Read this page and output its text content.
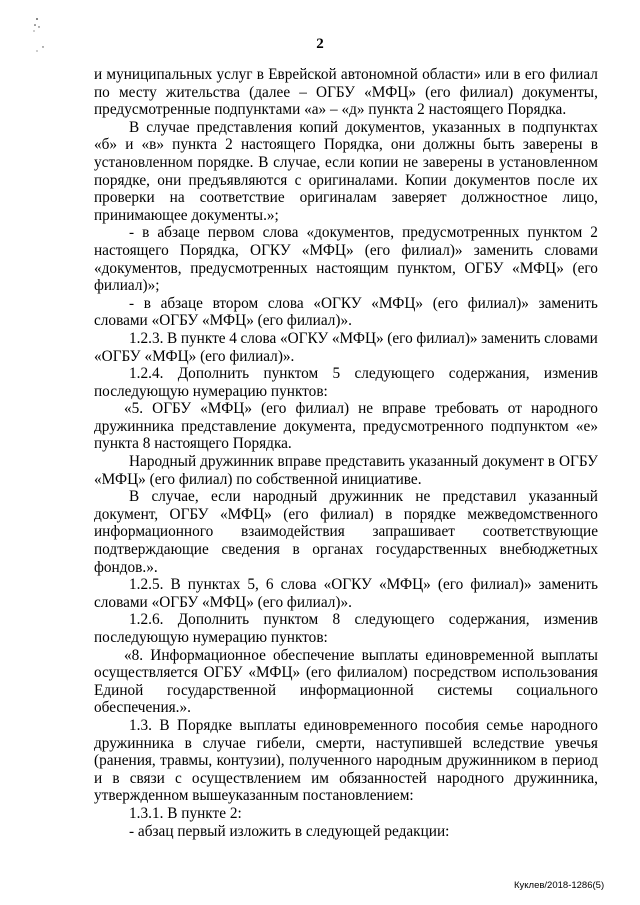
2
и муниципальных услуг в Еврейской автономной области» или в его филиал
по месту жительства (далее – ОГБУ «МФЦ» (его филиал) документы,
предусмотренные подпунктами «а» – «д» пункта 2 настоящего Порядка.
В случае представления копий документов, указанных в подпунктах
«б» и «в» пункта 2 настоящего Порядка, они должны быть заверены в
установленном порядке. В случае, если копии не заверены в установленном
порядке, они предъявляются с оригиналами. Копии документов после их
проверки на соответствие оригиналам заверяет должностное лицо,
принимающее документы.»;
- в абзаце первом слова «документов, предусмотренных пунктом 2
настоящего Порядка, ОГКУ «МФЦ» (его филиал)» заменить словами
«документов, предусмотренных настоящим пунктом, ОГБУ «МФЦ» (его
филиал)»;
- в абзаце втором слова «ОГКУ «МФЦ» (его филиал)» заменить
словами «ОГБУ «МФЦ» (его филиал)».
1.2.3. В пункте 4 слова «ОГКУ «МФЦ» (его филиал)» заменить словами
«ОГБУ «МФЦ» (его филиал)».
1.2.4. Дополнить пунктом 5 следующего содержания, изменив
последующую нумерацию пунктов:
«5. ОГБУ «МФЦ» (его филиал) не вправе требовать от народного
дружинника представление документа, предусмотренного подпунктом «е»
пункта 8 настоящего Порядка.
Народный дружинник вправе представить указанный документ в ОГБУ
«МФЦ» (его филиал) по собственной инициативе.
В случае, если народный дружинник не представил указанный
документ, ОГБУ «МФЦ» (его филиал) в порядке межведомственного
информационного взаимодействия запрашивает соответствующие
подтверждающие сведения в органах государственных внебюджетных
фондов.».
1.2.5. В пунктах 5, 6 слова «ОГКУ «МФЦ» (его филиал)» заменить
словами «ОГБУ «МФЦ» (его филиал)».
1.2.6. Дополнить пунктом 8 следующего содержания, изменив
последующую нумерацию пунктов:
«8. Информационное обеспечение выплаты единовременной выплаты
осуществляется ОГБУ «МФЦ» (его филиалом) посредством использования
Единой государственной информационной системы социального
обеспечения.».
1.3. В Порядке выплаты единовременного пособия семье народного
дружинника в случае гибели, смерти, наступившей вследствие увечья
(ранения, травмы, контузии), полученного народным дружинником в период
и в связи с осуществлением им обязанностей народного дружинника,
утвержденном вышеуказанным постановлением:
1.3.1. В пункте 2:
- абзац первый изложить в следующей редакции:
Куклев/2018-1286(5)
